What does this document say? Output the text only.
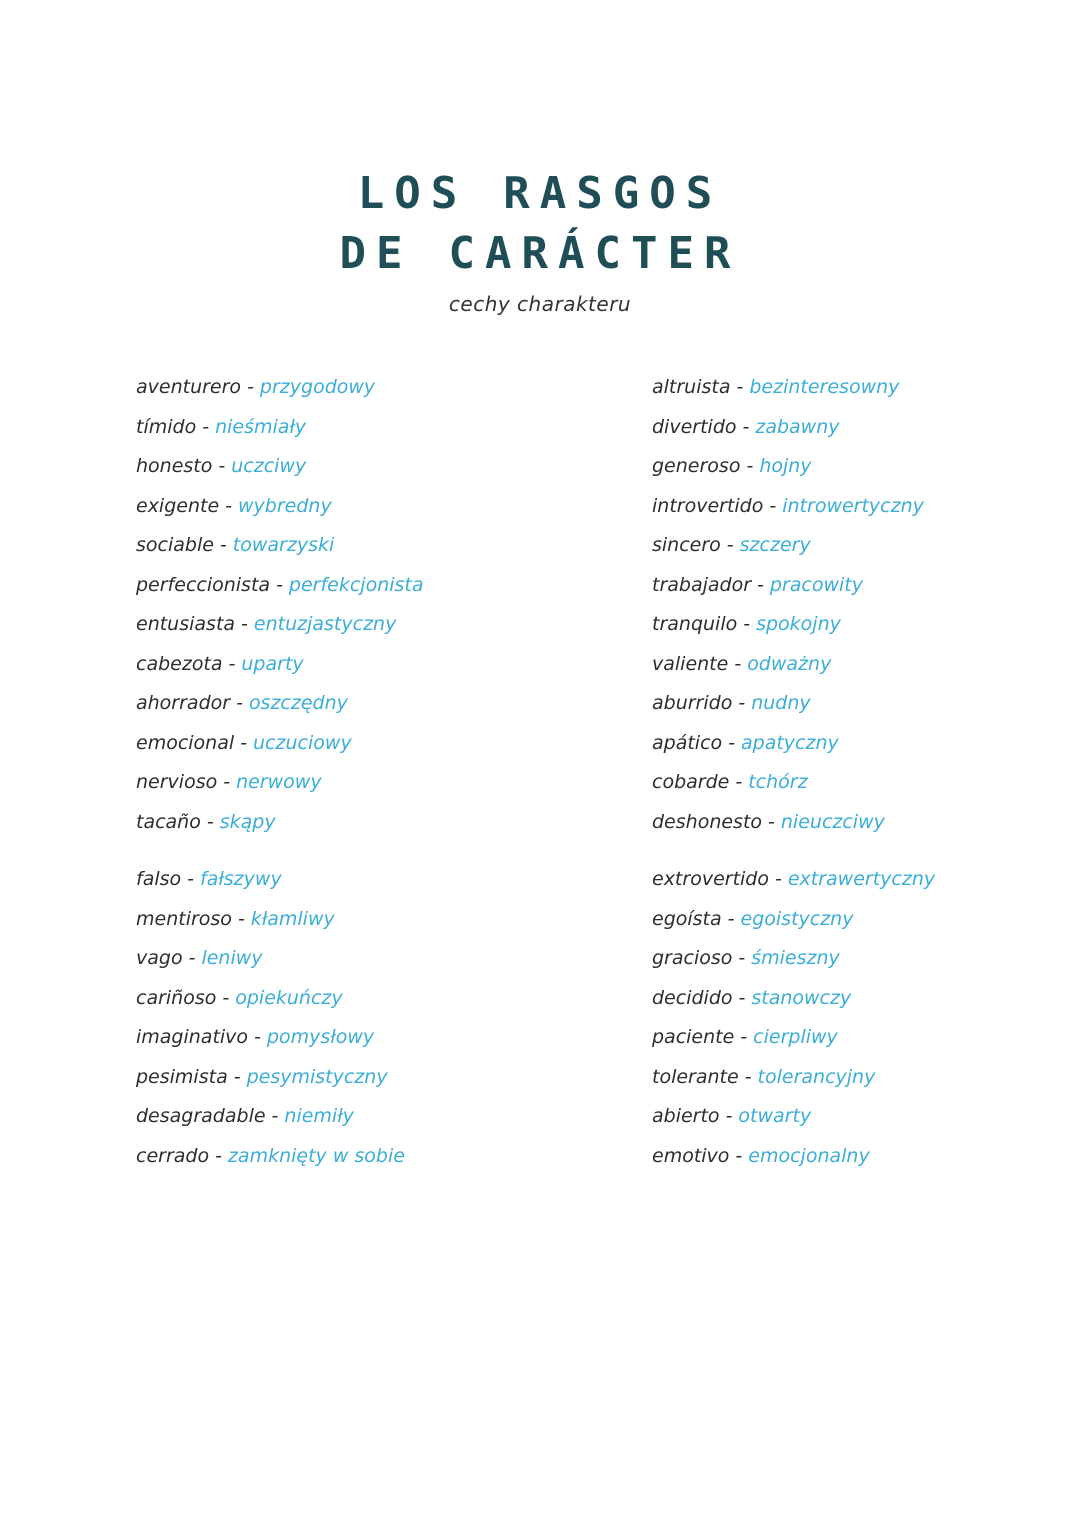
LOS RASGOS
DE CARÁCTER
cechy charakteru
aventurero - przygodowy
tímido - nieśmiały
honesto - uczciwy
exigente - wybredny
sociable - towarzyski
perfeccionista - perfekcjonista
entusiasta - entuzjastyczny
cabezota - uparty
ahorrador - oszczędny
emocional - uczuciowy
nervioso - nerwowy
tacaño - skąpy
falso - fałszywy
mentiroso - kłamliwy
vago - leniwy
cariñoso - opiekuńczy
imaginativo - pomysłowy
pesimista - pesymistyczny
desagradable - niemiły
cerrado - zamknięty w sobie
altruista - bezinteresowny
divertido - zabawny
generoso - hojny
introvertido - introwertyczny
sincero - szczery
trabajador - pracowity
tranquilo - spokojny
valiente - odważny
aburrido - nudny
apático - apatyczny
cobarde - tchórz
deshonesto - nieuczciwy
extrovertido - extrawertyczny
egoísta - egoistyczny
gracioso - śmieszny
decidido - stanowczy
paciente - cierpliwy
tolerante - tolerancyjny
abierto - otwarty
emotivo - emocjonalny
